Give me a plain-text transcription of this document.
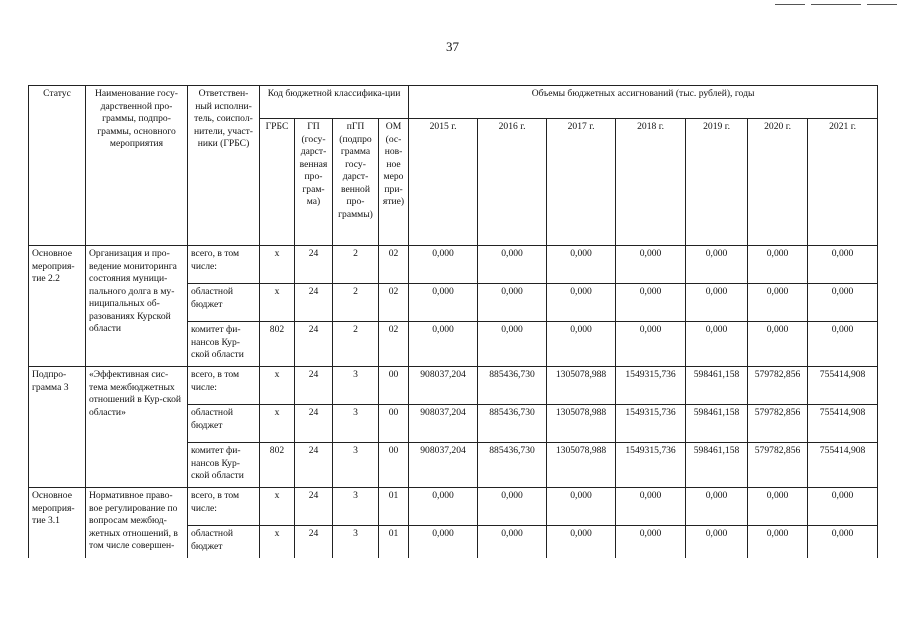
37
Статус	Наименование госу-дарственной про-граммы, подпро-граммы, основного мероприятия	Ответствен-ный исполни-тель, соиспол-нители, участ-ники (ГРБС)	Код бюджетной классифика-ции				Объемы бюджетных ассигнований (тыс. рублей), годы						
			ГРБС	ГП (госу-дарст-венная про-грам-ма)	пГП (подпро грамма госу-дарст-венной про-граммы)	ОМ (ос-нов-ное меро при-ятие)	2015 г.	2016 г.	2017 г.	2018 г.	2019 г.	2020 г.	2021 г.
Основное мероприя-тие 2.2	Организация и про-ведение мониторинга состояния муници-пального долга в му-ниципальных об-разованиях Курской области	всего, в том числе:	x	24	2	02	0,000	0,000	0,000	0,000	0,000	0,000	0,000
		областной бюджет	x	24	2	02	0,000	0,000	0,000	0,000	0,000	0,000	0,000
		комитет фи-нансов Кур-ской области	802	24	2	02	0,000	0,000	0,000	0,000	0,000	0,000	0,000
Подпро-грамма 3	«Эффективная сис-тема межбюджетных отношений в Кур-ской области»	всего, в том числе:	x	24	3	00	908037,204	885436,730	1305078,988	1549315,736	598461,158	579782,856	755414,908
		областной бюджет	x	24	3	00	908037,204	885436,730	1305078,988	1549315,736	598461,158	579782,856	755414,908
		комитет фи-нансов Кур-ской области	802	24	3	00	908037,204	885436,730	1305078,988	1549315,736	598461,158	579782,856	755414,908
Основное мероприя-тие 3.1	Нормативное право-вое регулирование по вопросам межбюд-жетных отношений, в том числе совершен-	всего, в том числе:	x	24	3	01	0,000	0,000	0,000	0,000	0,000	0,000	0,000
		областной бюджет	x	24	3	01	0,000	0,000	0,000	0,000	0,000	0,000	0,000
